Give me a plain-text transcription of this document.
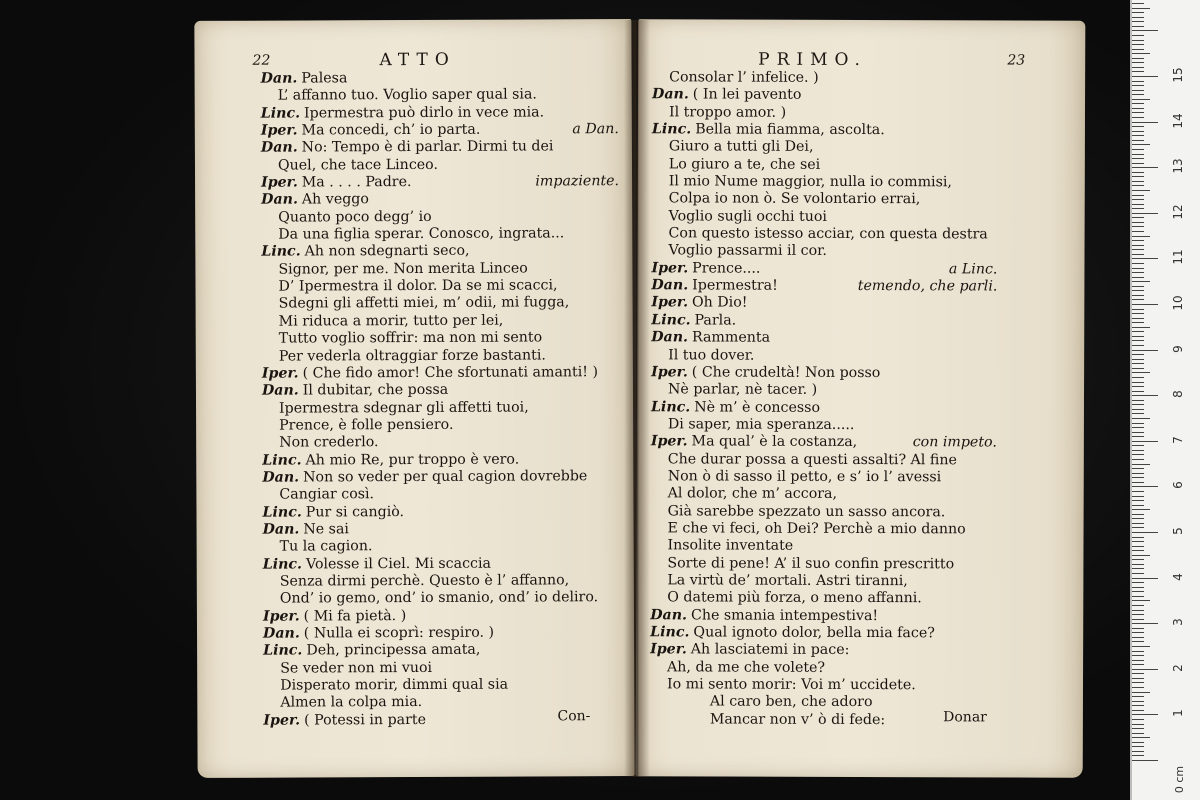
22	ATTO
Dan. Palesa
L’ affanno tuo. Voglio saper qual sia.
Linc. Ipermestra può dirlo in vece mia.
Iper. Ma concedi, ch’ io parta.	a Dan.
Dan. No: Tempo è di parlar. Dirmi tu dei
Quel, che tace Linceo.
Iper. Ma . . . . Padre.	impaziente.
Dan. Ah veggo
Quanto poco degg’ io
Da una figlia sperar. Conosco, ingrata...
Linc. Ah non sdegnarti seco,
Signor, per me. Non merita Linceo
D’ Ipermestra il dolor. Da se mi scacci,
Sdegni gli affetti miei, m’ odii, mi fugga,
Mi riduca a morir, tutto per lei,
Tutto voglio soffrir: ma non mi sento
Per vederla oltraggiar forze bastanti.
Iper. ( Che fido amor! Che sfortunati amanti! )
Dan. Il dubitar, che possa
Ipermestra sdegnar gli affetti tuoi,
Prence, è folle pensiero.
Non crederlo.
Linc. Ah mio Re, pur troppo è vero.
Dan. Non so veder per qual cagion dovrebbe
Cangiar così.
Linc. Pur si cangiò.
Dan. Ne sai
Tu la cagion.
Linc. Volesse il Ciel. Mi scaccia
Senza dirmi perchè. Questo è l’ affanno,
Ond’ io gemo, ond’ io smanio, ond’ io deliro.
Iper. ( Mi fa pietà. )
Dan. ( Nulla ei scoprì: respiro. )
Linc. Deh, principessa amata,
Se veder non mi vuoi
Disperato morir, dimmi qual sia
Almen la colpa mia.
Iper. ( Potessi in parte	Con-
PRIMO.	23
Consolar l’ infelice. )
Dan. ( In lei pavento
Il troppo amor. )
Linc. Bella mia fiamma, ascolta.
Giuro a tutti gli Dei,
Lo giuro a te, che sei
Il mio Nume maggior, nulla io commisi,
Colpa io non ò. Se volontario errai,
Voglio sugli occhi tuoi
Con questo istesso acciar, con questa destra
Voglio passarmi il cor.
Iper. Prence....	a Linc.
Dan. Ipermestra!	temendo, che parli.
Iper. Oh Dio!
Linc. Parla.
Dan. Rammenta
Il tuo dover.
Iper. ( Che crudeltà! Non posso
Nè parlar, nè tacer. )
Linc. Nè m’ è concesso
Di saper, mia speranza.....
Iper. Ma qual’ è la costanza,	con impeto.
Che durar possa a questi assalti? Al fine
Non ò di sasso il petto, e s’ io l’ avessi
Al dolor, che m’ accora,
Già sarebbe spezzato un sasso ancora.
E che vi feci, oh Dei? Perchè a mio danno
Insolite inventate
Sorte di pene! A’ il suo confin prescritto
La virtù de’ mortali. Astri tiranni,
O datemi più forza, o meno affanni.
Dan. Che smania intempestiva!
Linc. Qual ignoto dolor, bella mia face?
Iper. Ah lasciatemi in pace:
Ah, da me che volete?
Io mi sento morir: Voi m’ uccidete.
Al caro ben, che adoro
Mancar non v’ ò di fede:	Donar
0 cm
1
2
3
4
5
6
7
8
9
10
11
12
13
14
15
